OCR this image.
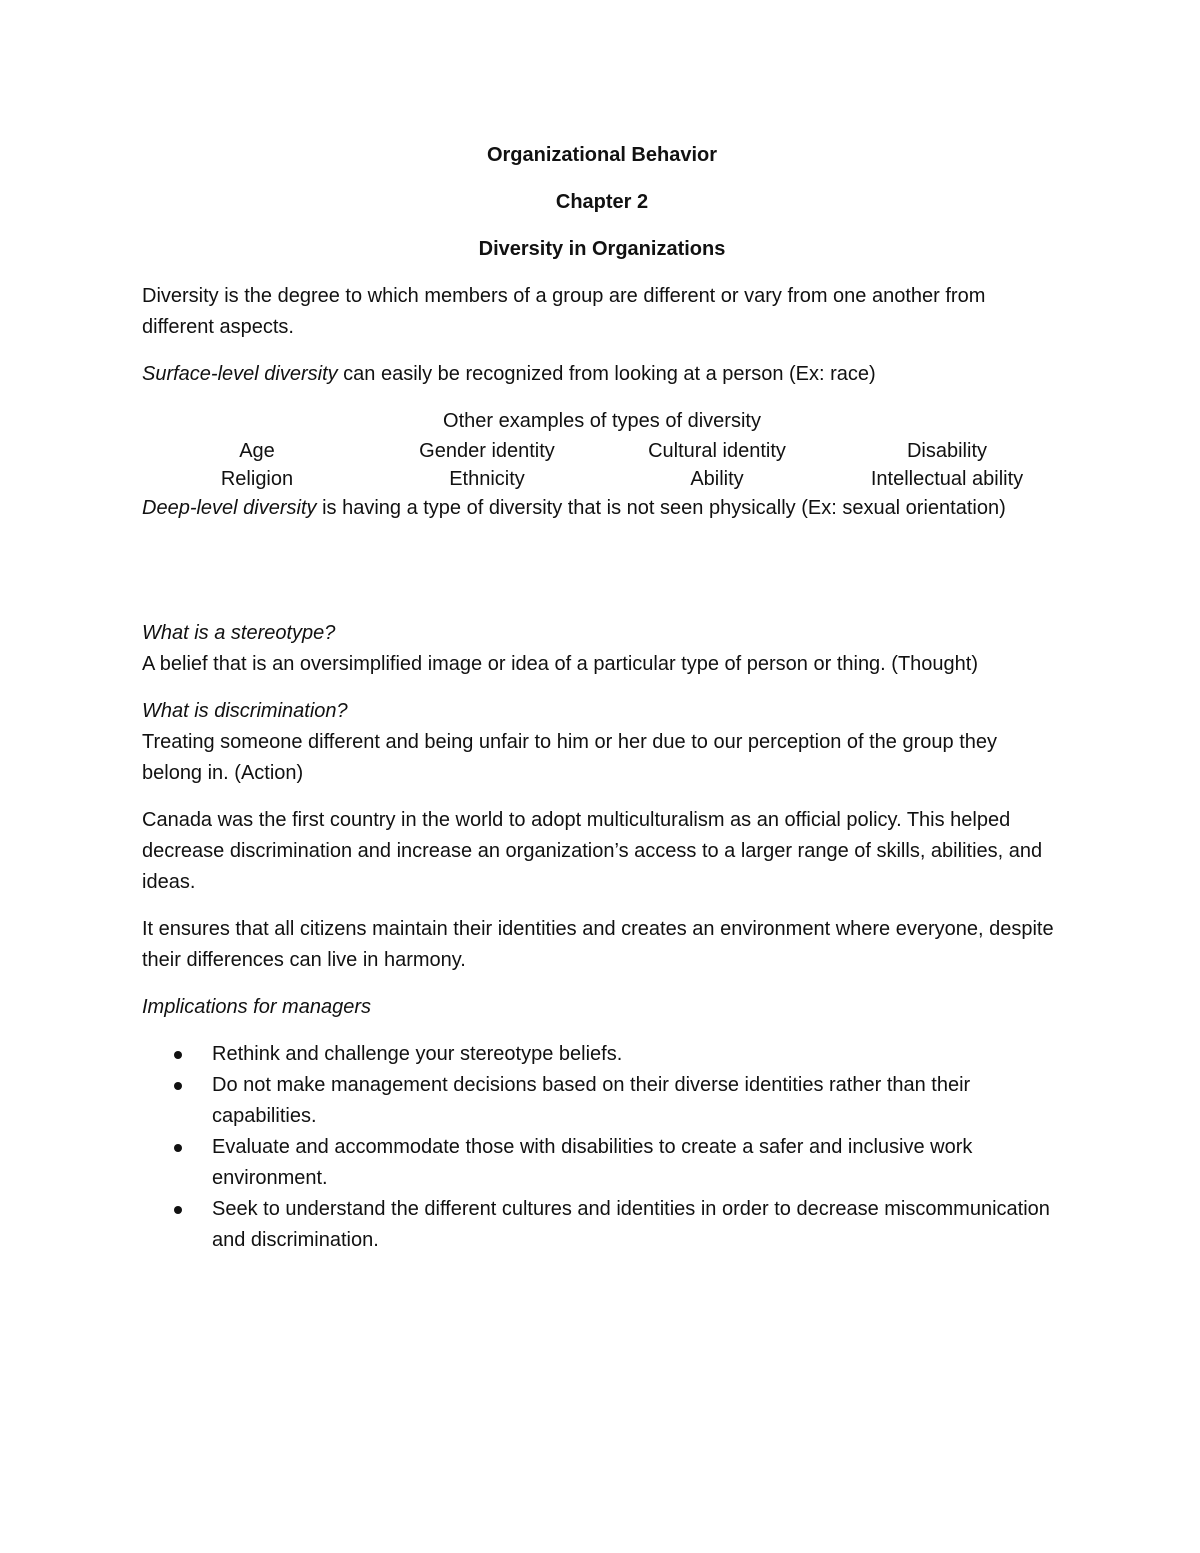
Organizational Behavior
Chapter 2
Diversity in Organizations

Diversity is the degree to which members of a group are different or vary from one another from different aspects.

Surface-level diversity can easily be recognized from looking at a person (Ex: race)

Other examples of types of diversity
Age	Gender identity	Cultural identity	Disability
Religion	Ethnicity	Ability	Intellectual ability

Deep-level diversity is having a type of diversity that is not seen physically (Ex: sexual orientation)

What is a stereotype?

A belief that is an oversimplified image or idea of a particular type of person or thing. (Thought)

What is discrimination?

Treating someone different and being unfair to him or her due to our perception of the group they belong in. (Action)

Canada was the first country in the world to adopt multiculturalism as an official policy. This helped decrease discrimination and increase an organization’s access to a larger range of skills, abilities, and ideas.

It ensures that all citizens maintain their identities and creates an environment where everyone, despite their differences can live in harmony.

Implications for managers

Rethink and challenge your stereotype beliefs.
Do not make management decisions based on their diverse identities rather than their capabilities.
Evaluate and accommodate those with disabilities to create a safer and inclusive work environment.
Seek to understand the different cultures and identities in order to decrease miscommunication and discrimination.
